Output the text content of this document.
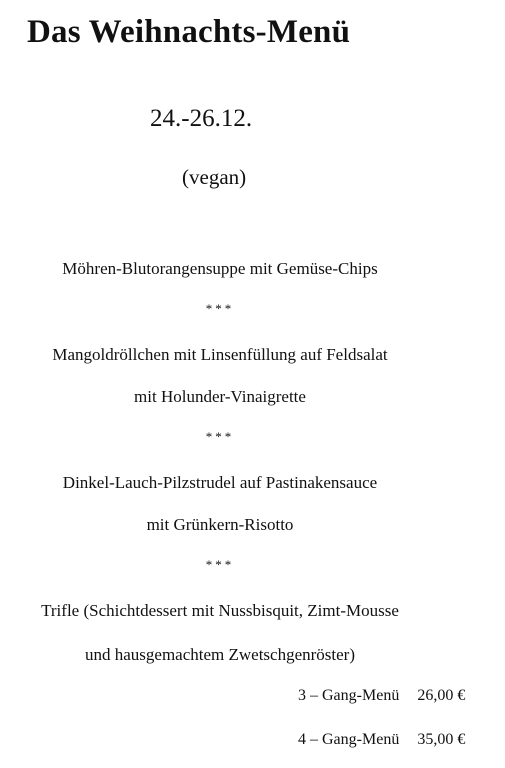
Das Weihnachts-Menü
24.-26.12.
(vegan)
Möhren-Blutorangensuppe mit Gemüse-Chips
***
Mangoldröllchen mit Linsenfüllung auf Feldsalat
mit Holunder-Vinaigrette
***
Dinkel-Lauch-Pilzstrudel auf Pastinakensauce
mit Grünkern-Risotto
***
Trifle (Schichtdessert mit Nussbisquit, Zimt-Mousse
und hausgemachtem Zwetschgenröster)
3 – Gang-Menü 26,00 €
4 – Gang-Menü 35,00 €
